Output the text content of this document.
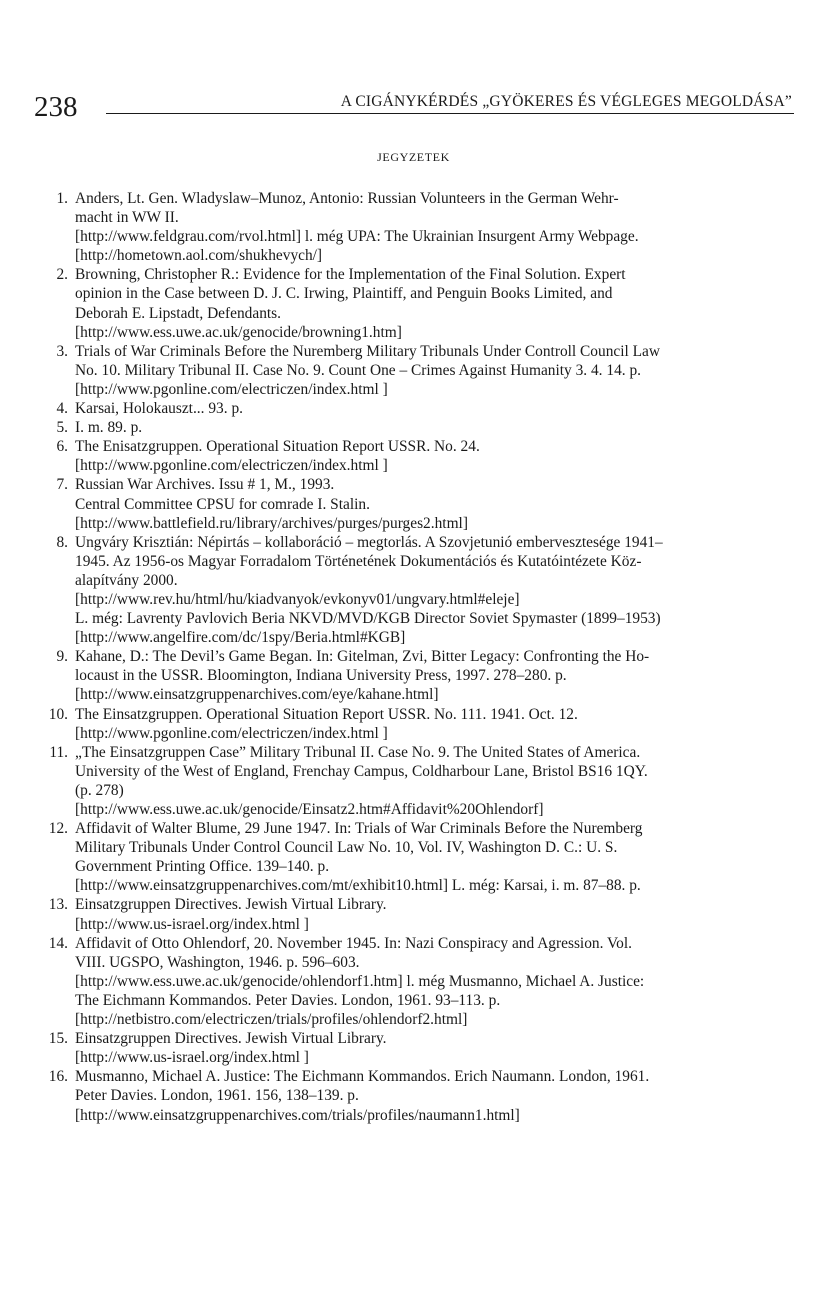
238	A CIGÁNYKÉRDÉS „GYÖKERES ÉS VÉGLEGES MEGOLDÁSA”
JEGYZETEK
1. Anders, Lt. Gen. Wladyslaw–Munoz, Antonio: Russian Volunteers in the German Wehr-
macht in WW II.
[http://www.feldgrau.com/rvol.html] l. még UPA: The Ukrainian Insurgent Army Webpage.
[http://hometown.aol.com/shukhevych/]
2. Browning, Christopher R.: Evidence for the Implementation of the Final Solution. Expert
opinion in the Case between D. J. C. Irwing, Plaintiff, and Penguin Books Limited, and
Deborah E. Lipstadt, Defendants.
[http://www.ess.uwe.ac.uk/genocide/browning1.htm]
3. Trials of War Criminals Before the Nuremberg Military Tribunals Under Controll Council Law
No. 10. Military Tribunal II. Case No. 9. Count One – Crimes Against Humanity 3. 4. 14. p.
[http://www.pgonline.com/electriczen/index.html ]
4. Karsai, Holokauszt... 93. p.
5. I. m. 89. p.
6. The Enisatzgruppen. Operational Situation Report USSR. No. 24.
[http://www.pgonline.com/electriczen/index.html ]
7. Russian War Archives. Issu # 1, M., 1993.
Central Committee CPSU for comrade I. Stalin.
[http://www.battlefield.ru/library/archives/purges/purges2.html]
8. Ungváry Krisztián: Népirtás – kollaboráció – megtorlás. A Szovjetunió embervesztesége 1941–
1945. Az 1956-os Magyar Forradalom Történetének Dokumentációs és Kutatóintézete Köz-
alapítvány 2000.
[http://www.rev.hu/html/hu/kiadvanyok/evkonyv01/ungvary.html#eleje]
L. még: Lavrenty Pavlovich Beria NKVD/MVD/KGB Director Soviet Spymaster (1899–1953)
[http://www.angelfire.com/dc/1spy/Beria.html#KGB]
9. Kahane, D.: The Devil’s Game Began. In: Gitelman, Zvi, Bitter Legacy: Confronting the Ho-
locaust in the USSR. Bloomington, Indiana University Press, 1997. 278–280. p.
[http://www.einsatzgruppenarchives.com/eye/kahane.html]
10. The Einsatzgruppen. Operational Situation Report USSR. No. 111. 1941. Oct. 12.
[http://www.pgonline.com/electriczen/index.html ]
11. „The Einsatzgruppen Case” Military Tribunal II. Case No. 9. The United States of America.
University of the West of England, Frenchay Campus, Coldharbour Lane, Bristol BS16 1QY.
(p. 278)
[http://www.ess.uwe.ac.uk/genocide/Einsatz2.htm#Affidavit%20Ohlendorf]
12. Affidavit of Walter Blume, 29 June 1947. In: Trials of War Criminals Before the Nuremberg
Military Tribunals Under Control Council Law No. 10, Vol. IV, Washington D. C.: U. S.
Government Printing Office. 139–140. p.
[http://www.einsatzgruppenarchives.com/mt/exhibit10.html] L. még: Karsai, i. m. 87–88. p.
13. Einsatzgruppen Directives. Jewish Virtual Library.
[http://www.us-israel.org/index.html ]
14. Affidavit of Otto Ohlendorf, 20. November 1945. In: Nazi Conspiracy and Agression. Vol.
VIII. UGSPO, Washington, 1946. p. 596–603.
[http://www.ess.uwe.ac.uk/genocide/ohlendorf1.htm] l. még Musmanno, Michael A. Justice:
The Eichmann Kommandos. Peter Davies. London, 1961. 93–113. p.
[http://netbistro.com/electriczen/trials/profiles/ohlendorf2.html]
15. Einsatzgruppen Directives. Jewish Virtual Library.
[http://www.us-israel.org/index.html ]
16. Musmanno, Michael A. Justice: The Eichmann Kommandos. Erich Naumann. London, 1961.
Peter Davies. London, 1961. 156, 138–139. p.
[http://www.einsatzgruppenarchives.com/trials/profiles/naumann1.html]
